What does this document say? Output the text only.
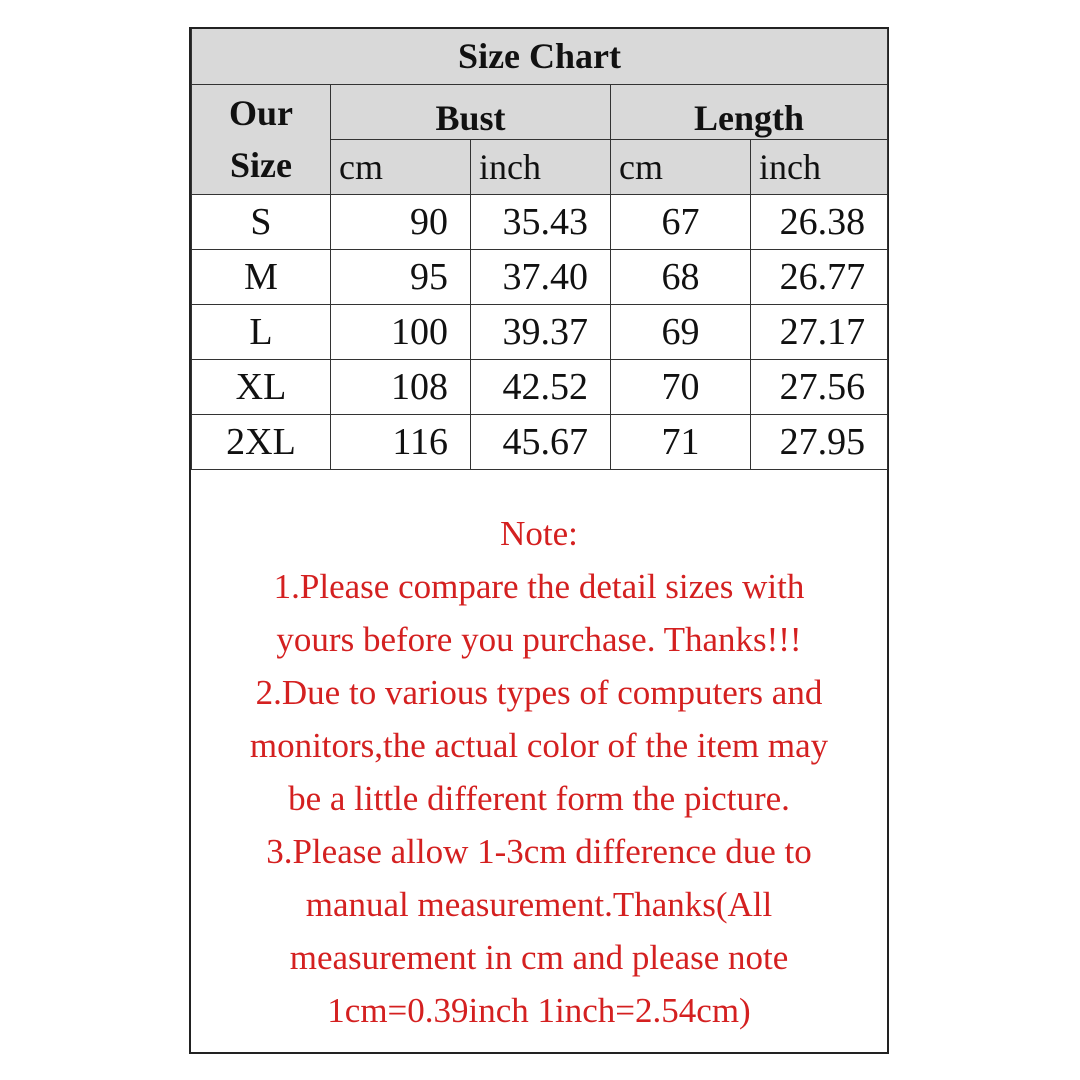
Size Chart				
Our
Size	Bust		Length	
	cm	inch	cm	inch
S	90	35.43	67	26.38
M	95	37.40	68	26.77
L	100	39.37	69	27.17
XL	108	42.52	70	27.56
2XL	116	45.67	71	27.95
Note:
1.Please compare the detail sizes with
yours before you purchase. Thanks!!!
2.Due to various types of computers and
monitors,the actual color of the item may
be a little different form the picture.
3.Please allow 1-3cm difference due to
manual measurement.Thanks(All
measurement in cm and please note
1cm=0.39inch 1inch=2.54cm)
